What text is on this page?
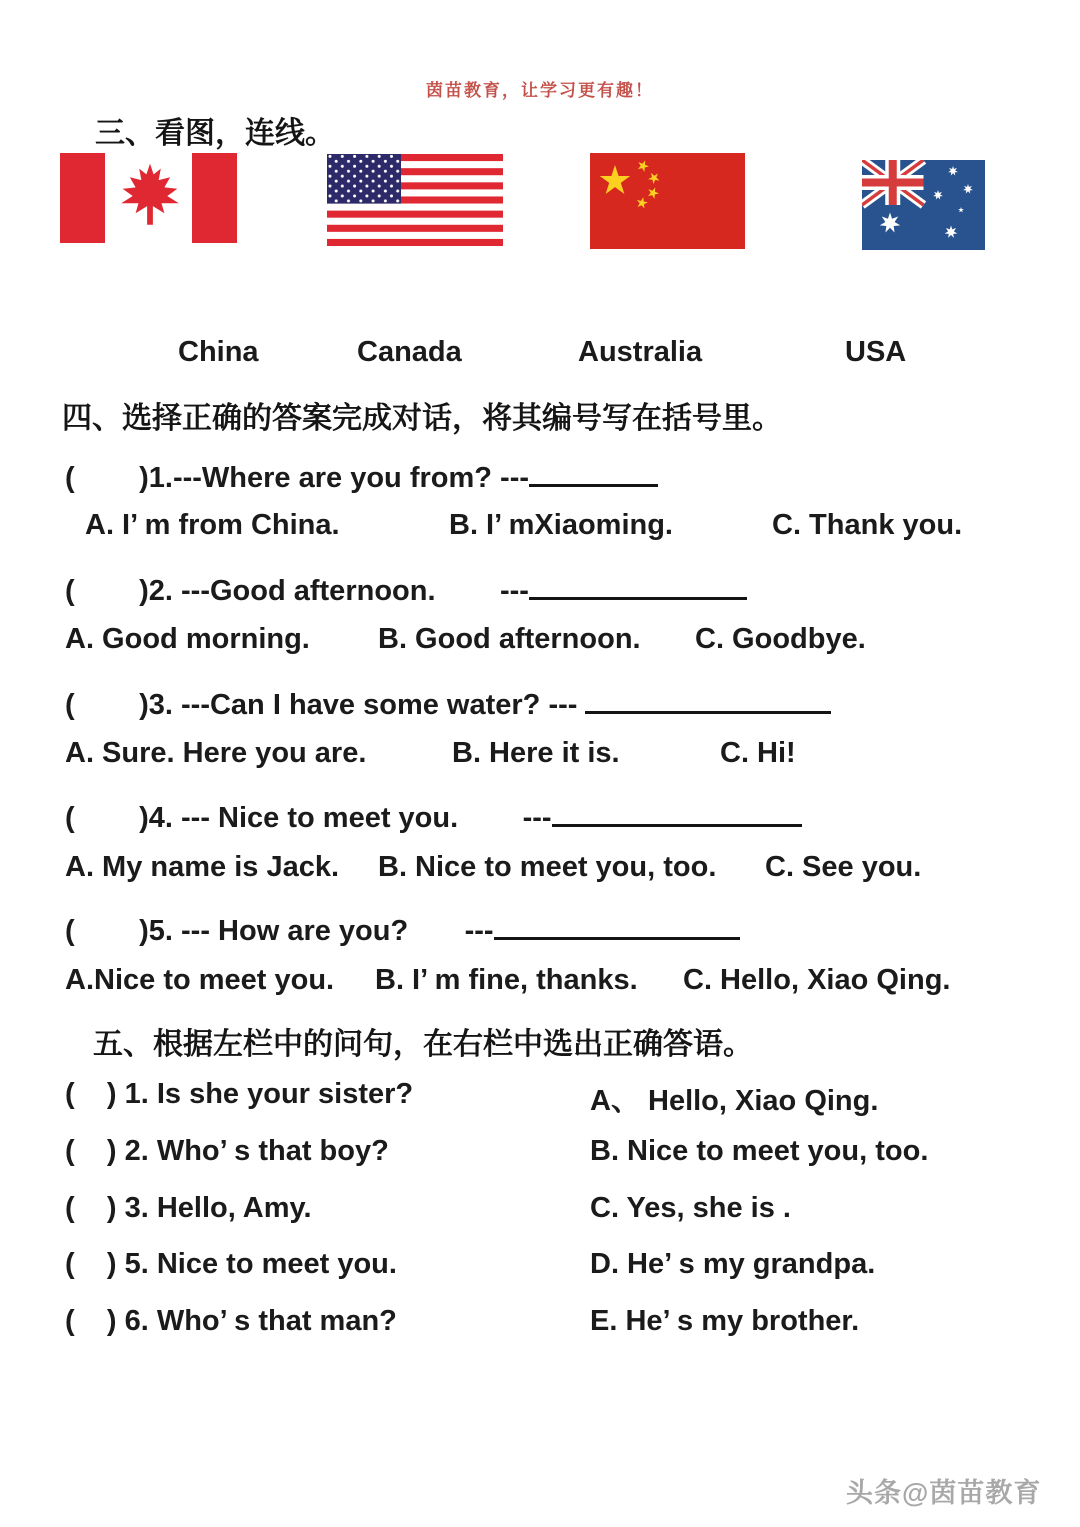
茵苗教育，让学习更有趣！
三、看图，连线。
China	Canada	Australia	USA
四、选择正确的答案完成对话，将其编号写在括号里。
(        )1.---Where are you from? ---
A. I’ m from China.	B. I’ mXiaoming.	C. Thank you.
(        )2. ---Good afternoon.        ---
A. Good morning. B. Good afternoon. C. Goodbye.
(        )3. ---Can I have some water? ---
A. Sure. Here you are.	B. Here it is.	C. Hi!
(        )4. --- Nice to meet you.        ---
A. My name is Jack. B. Nice to meet you, too. C. See you.
(        )5. --- How are you?       ---
A.Nice to meet you. B. I’ m fine, thanks. C. Hello, Xiao Qing.
五、根据左栏中的问句，在右栏中选出正确答语。
(    ) 1. Is she your sister?	A、 Hello, Xiao Qing.
(    ) 2. Who’ s that boy?	B. Nice to meet you, too.
(    ) 3. Hello, Amy.	C. Yes, she is .
(    ) 5. Nice to meet you.	D. He’ s my grandpa.
(    ) 6. Who’ s that man?	E. He’ s my brother.
头条@茵苗教育
